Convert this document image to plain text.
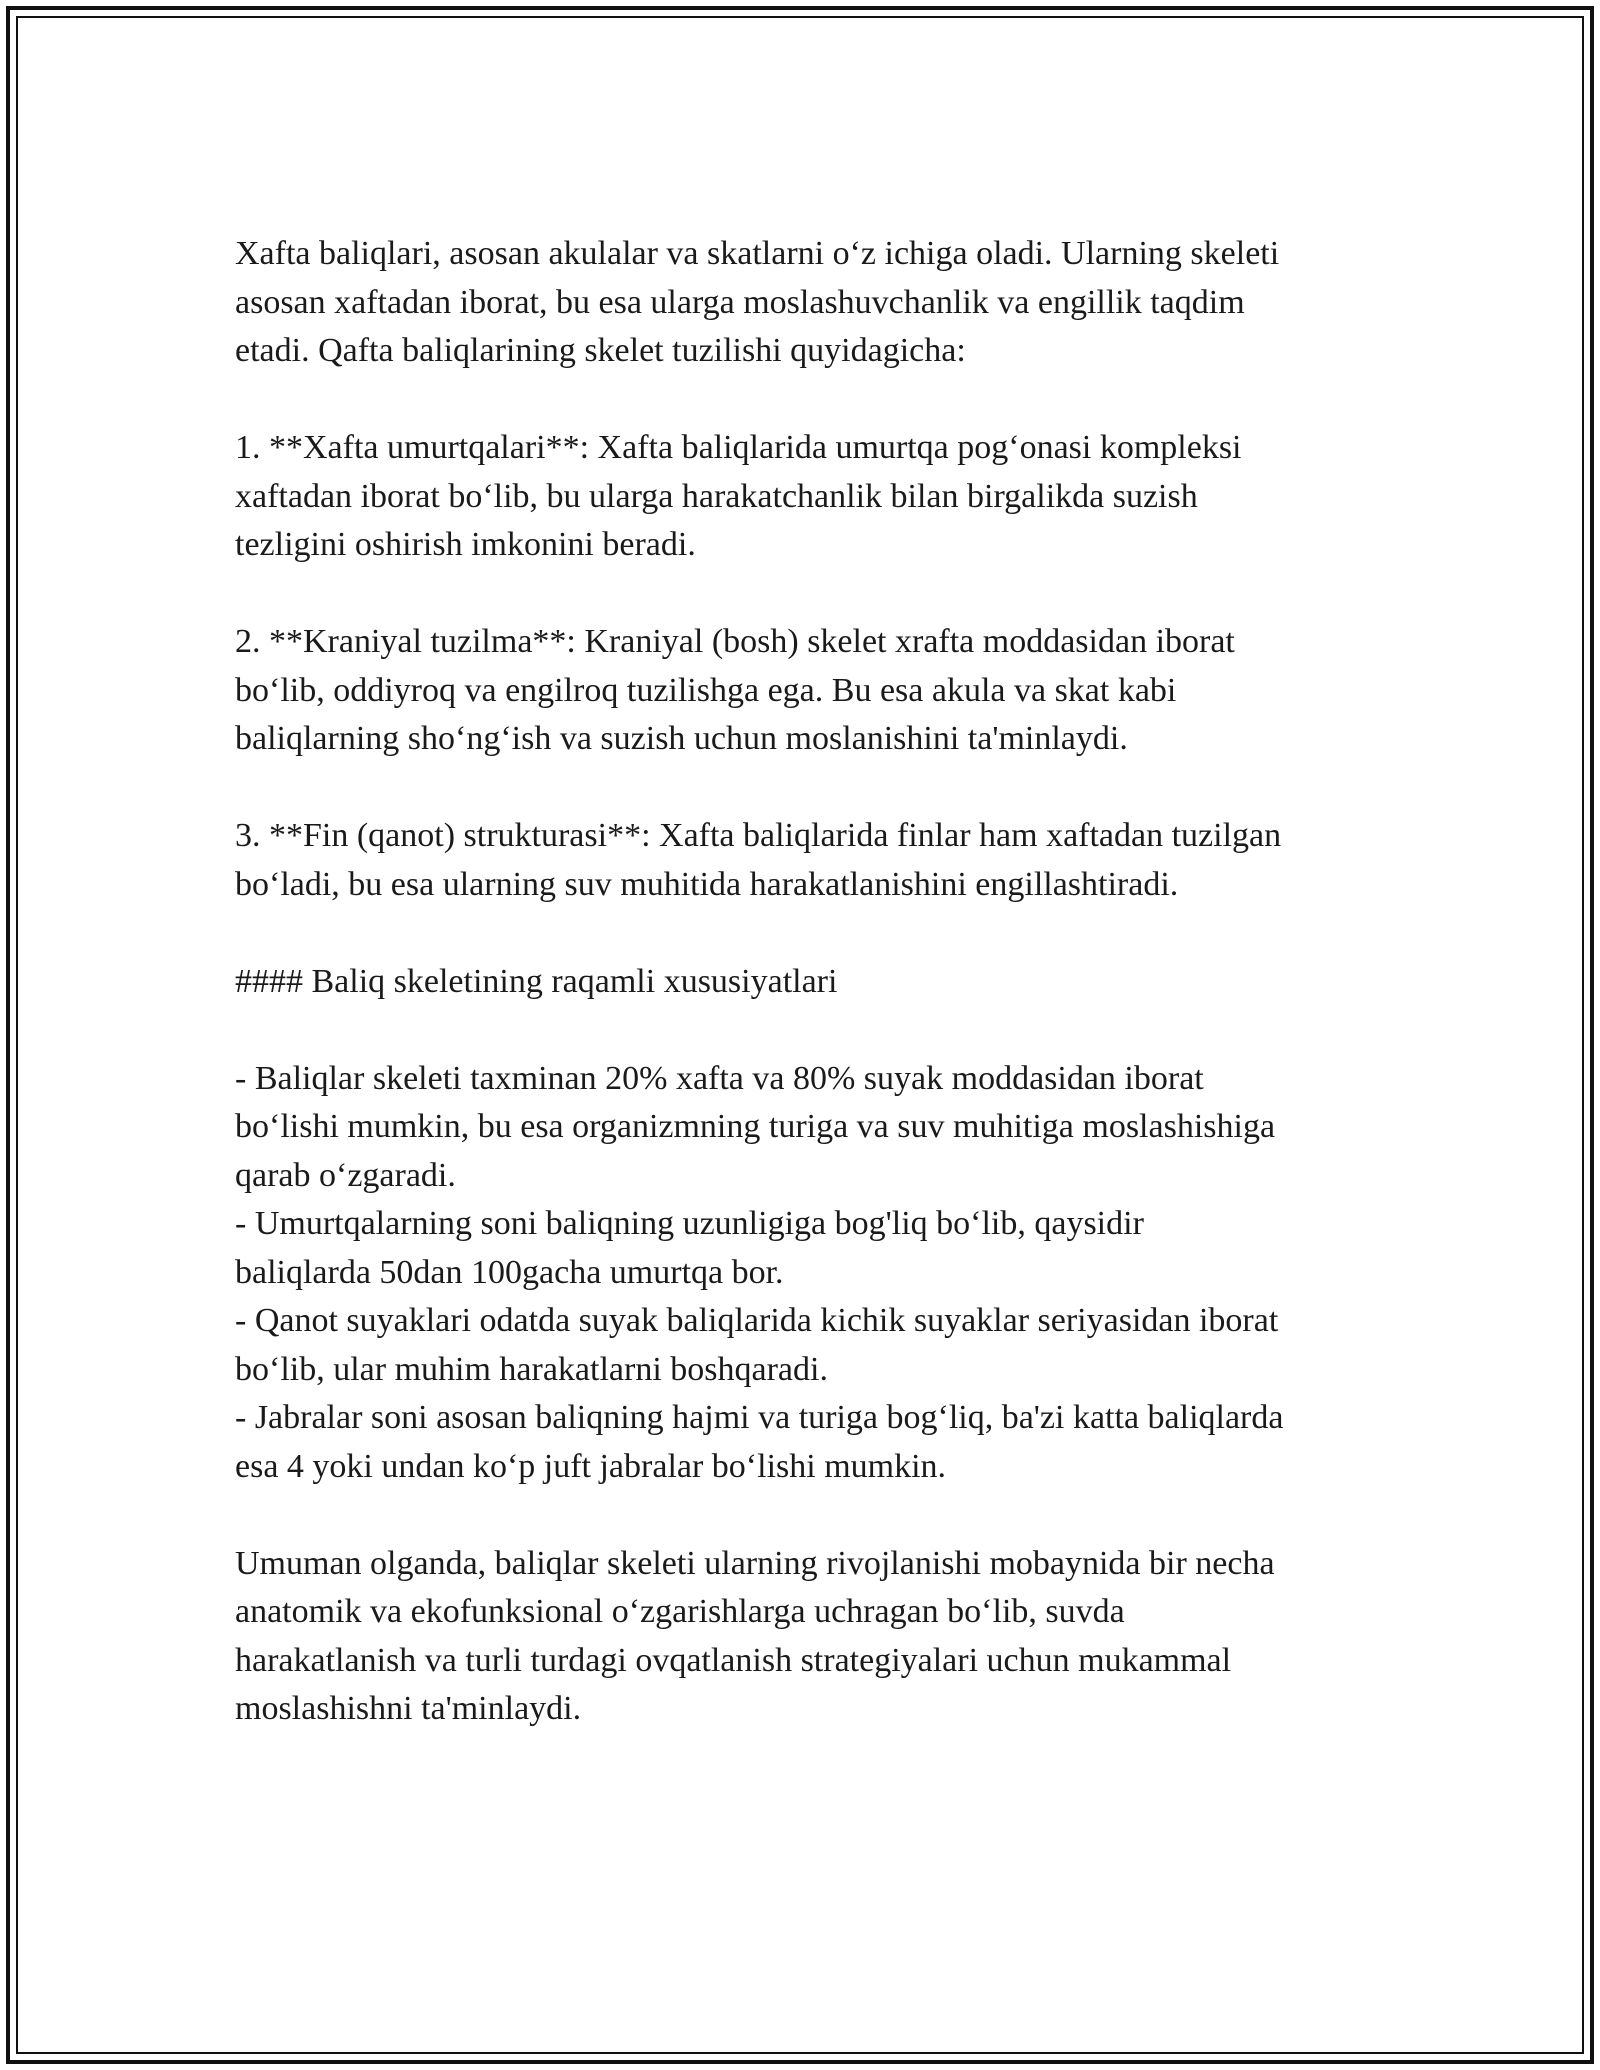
Xafta baliqlari, asosan akulalar va skatlarni o‘z ichiga oladi. Ularning skeleti
asosan xaftadan iborat, bu esa ularga moslashuvchanlik va engillik taqdim
etadi. Qafta baliqlarining skelet tuzilishi quyidagicha:

1. **Xafta umurtqalari**: Xafta baliqlarida umurtqa pog‘onasi kompleksi
xaftadan iborat bo‘lib, bu ularga harakatchanlik bilan birgalikda suzish
tezligini oshirish imkonini beradi.

2. **Kraniyal tuzilma**: Kraniyal (bosh) skelet xrafta moddasidan iborat
bo‘lib, oddiyroq va engilroq tuzilishga ega. Bu esa akula va skat kabi
baliqlarning sho‘ng‘ish va suzish uchun moslanishini ta'minlaydi.

3. **Fin (qanot) strukturasi**: Xafta baliqlarida finlar ham xaftadan tuzilgan
bo‘ladi, bu esa ularning suv muhitida harakatlanishini engillashtiradi.

#### Baliq skeletining raqamli xususiyatlari

- Baliqlar skeleti taxminan 20% xafta va 80% suyak moddasidan iborat
bo‘lishi mumkin, bu esa organizmning turiga va suv muhitiga moslashishiga
qarab o‘zgaradi.

- Umurtqalarning soni baliqning uzunligiga bog'liq bo‘lib, qaysidir
baliqlarda 50dan 100gacha umurtqa bor.

- Qanot suyaklari odatda suyak baliqlarida kichik suyaklar seriyasidan iborat
bo‘lib, ular muhim harakatlarni boshqaradi.

- Jabralar soni asosan baliqning hajmi va turiga bog‘liq, ba'zi katta baliqlarda
esa 4 yoki undan ko‘p juft jabralar bo‘lishi mumkin.

Umuman olganda, baliqlar skeleti ularning rivojlanishi mobaynida bir necha
anatomik va ekofunksional o‘zgarishlarga uchragan bo‘lib, suvda
harakatlanish va turli turdagi ovqatlanish strategiyalari uchun mukammal
moslashishni ta'minlaydi.
